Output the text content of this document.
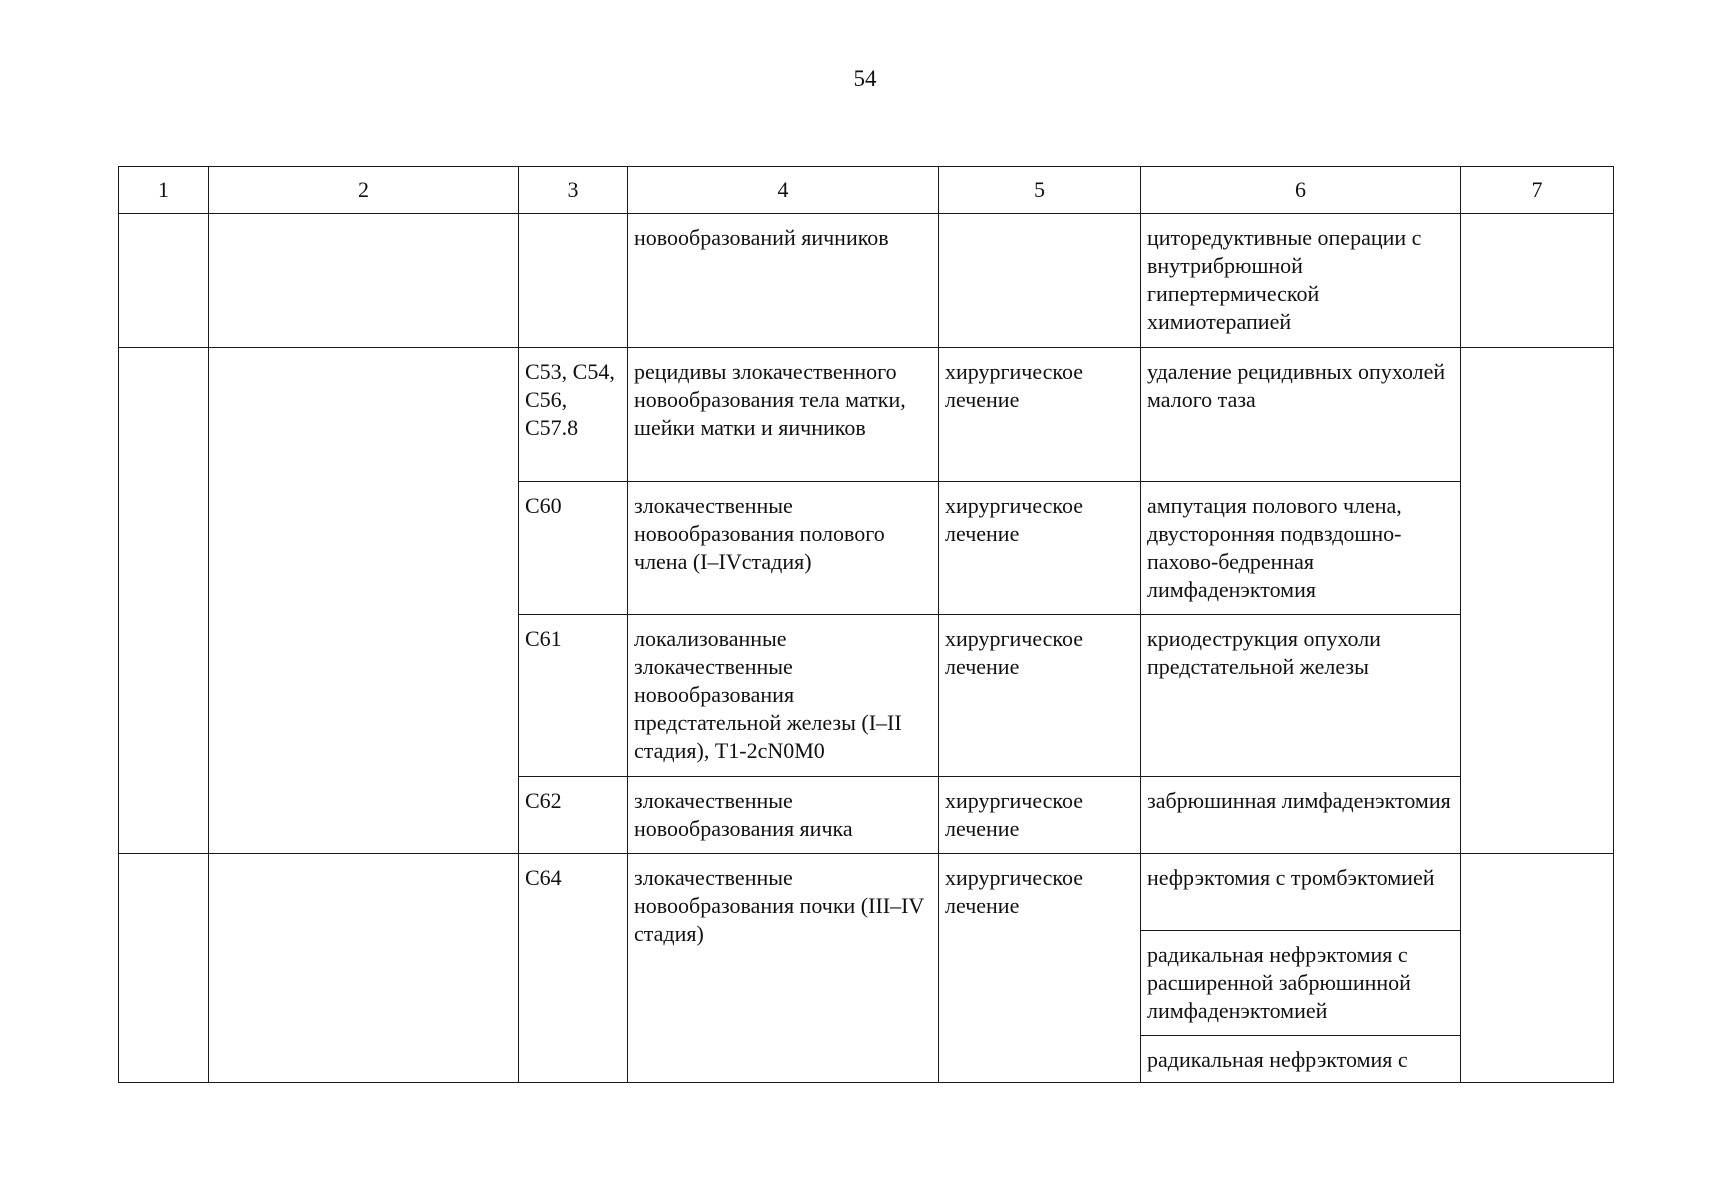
54
1	2	3	4	5	6	7
			новообразований яичников		циторедуктивные операции с внутрибрюшной гипертермической химиотерапией	
		C53, C54, C56, C57.8	рецидивы злокачественного новообразования тела матки, шейки матки и яичников	хирургическое лечение	удаление рецидивных опухолей малого таза	
		C60	злокачественные новообразования полового члена (I–IVстадия)	хирургическое лечение	ампутация полового члена, двусторонняя подвздошно-пахово-бедренная лимфаденэктомия	
		C61	локализованные злокачественные новообразования предстательной железы (I–II стадия), T1-2cN0M0	хирургическое лечение	криодеструкция опухоли предстательной железы	
		C62	злокачественные новообразования яичка	хирургическое лечение	забрюшинная лимфаденэктомия	
		C64	злокачественные новообразования почки (III–IV стадия)	хирургическое лечение	нефрэктомия с тромбэктомией	
					радикальная нефрэктомия с расширенной забрюшинной лимфаденэктомией	
					радикальная нефрэктомия с	
